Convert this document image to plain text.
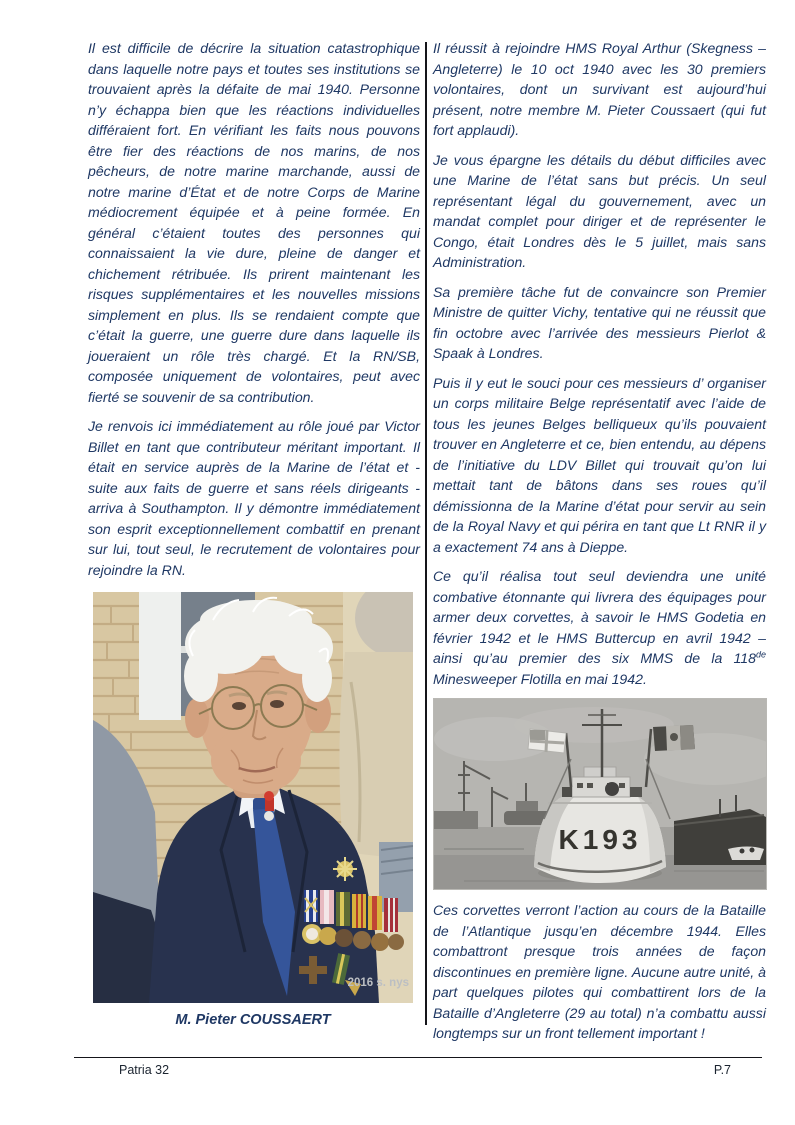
Il est difficile de décrire la situation catastrophique dans laquelle notre pays et toutes ses institutions se trouvaient après la défaite de mai 1940. Personne n’y échappa bien que les réactions individuelles différaient fort. En vérifiant les faits nous pouvons être fier des réactions de nos marins, de nos pêcheurs, de notre marine marchande, aussi de notre marine d’État et de notre Corps de Marine médiocrement équipée et à peine formée. En général c’étaient toutes des personnes qui connaissaient la vie dure, pleine de danger et chichement rétribuée. Ils prirent maintenant les risques supplémentaires et les nouvelles missions simplement en plus. Ils se rendaient compte que c’était la guerre, une guerre dure dans laquelle ils joueraient un rôle très chargé. Et la RN/SB, composée uniquement de volontaires, peut avec fierté se souvenir de sa contribution.

Je renvois ici immédiatement au rôle joué par Victor Billet en tant que contributeur méritant important. Il était en service auprès de la Marine de l’état et - suite aux faits de guerre et sans réels dirigeants -arriva à Southampton. Il y démontre immédiatement son esprit exceptionnellement combattif en prenant sur lui, tout seul, le recrutement de volontaires pour rejoindre la RN.

2016 s. nys
M. Pieter COUSSAERT

Il réussit à rejoindre HMS Royal Arthur (Skegness – Angleterre) le 10 oct 1940 avec les 30 premiers volontaires, dont un survivant est aujourd’hui présent, notre membre M. Pieter Coussaert (qui fut fort applaudi).

Je vous épargne les détails du début difficiles avec une Marine de l’état sans but précis. Un seul représentant légal du gouvernement, avec un mandat complet pour diriger et de représenter le Congo, était Londres dès le 5 juillet, mais sans Administration.

Sa première tâche fut de convaincre son Premier Ministre de quitter Vichy, tentative qui ne réussit que fin octobre avec l’arrivée des messieurs Pierlot & Spaak à Londres.

Puis il y eut le souci pour ces messieurs d’ organiser un corps militaire Belge représentatif avec l’aide de tous les jeunes Belges belliqueux qu’ils pouvaient trouver en Angleterre et ce, bien entendu, au dépens de l’initiative du LDV Billet qui trouvait qu’on lui mettait tant de bâtons dans ses roues qu’il démissionna de la Marine d’état pour servir au sein de la Royal Navy et qui périra en tant que Lt RNR il y a exactement 74 ans à Dieppe.

Ce qu’il réalisa tout seul deviendra une unité combative étonnante qui livrera des équipages pour armer deux corvettes, à savoir le HMS Godetia en février 1942 et le HMS Buttercup en avril 1942 – ainsi qu’au premier des six MMS de la 118de Minesweeper Flotilla en mai 1942.

K193

Ces corvettes verront l’action au cours de la Bataille de l’Atlantique jusqu’en décembre 1944. Elles combattront presque trois années de façon discontinues en première ligne. Aucune autre unité, à part quelques pilotes qui combattirent lors de la Bataille d’Angleterre (29 au total) n’a combattu aussi longtemps sur un front tellement important !

Patria 32	P.7
